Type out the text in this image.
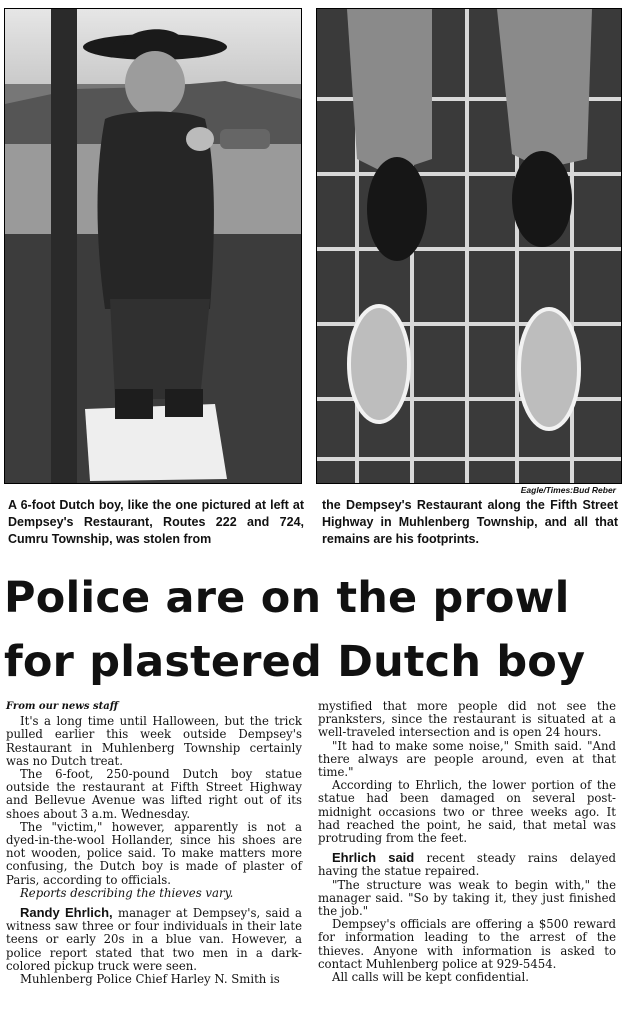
Eagle/Times:Bud Reber
A 6-foot Dutch boy, like the one pictured at left at Dempsey's Restaurant, Routes 222 and 724, Cumru Township, was stolen from
the Dempsey's Restaurant along the Fifth Street Highway in Muhlenberg Township, and all that remains are his footprints.
Police are on the prowl
for plastered Dutch boy

From our news staff

It's a long time until Halloween, but the trick pulled earlier this week outside Dempsey's Restaurant in Muhlenberg Township certainly was no Dutch treat.

The 6-foot, 250-pound Dutch boy statue outside the restaurant at Fifth Street Highway and Bellevue Avenue was lifted right out of its shoes about 3 a.m. Wednesday.

The "victim," however, apparently is not a dyed-in-the-wool Hollander, since his shoes are not wooden, police said. To make matters more confusing, the Dutch boy is made of plaster of Paris, according to officials.

Reports describing the thieves vary.

Randy Ehrlich, manager at Dempsey's, said a witness saw three or four individuals in their late teens or early 20s in a blue van. However, a police report stated that two men in a dark-colored pickup truck were seen.

Muhlenberg Police Chief Harley N. Smith is

mystified that more people did not see the pranksters, since the restaurant is situated at a well-traveled intersection and is open 24 hours.

"It had to make some noise," Smith said. "And there always are people around, even at that time."

According to Ehrlich, the lower portion of the statue had been damaged on several post-midnight occasions two or three weeks ago. It had reached the point, he said, that metal was protruding from the feet.

Ehrlich said recent steady rains delayed having the statue repaired.

"The structure was weak to begin with," the manager said. "So by taking it, they just finished the job."

Dempsey's officials are offering a $500 reward for information leading to the arrest of the thieves. Anyone with information is asked to contact Muhlenberg police at 929-5454.

All calls will be kept confidential.
